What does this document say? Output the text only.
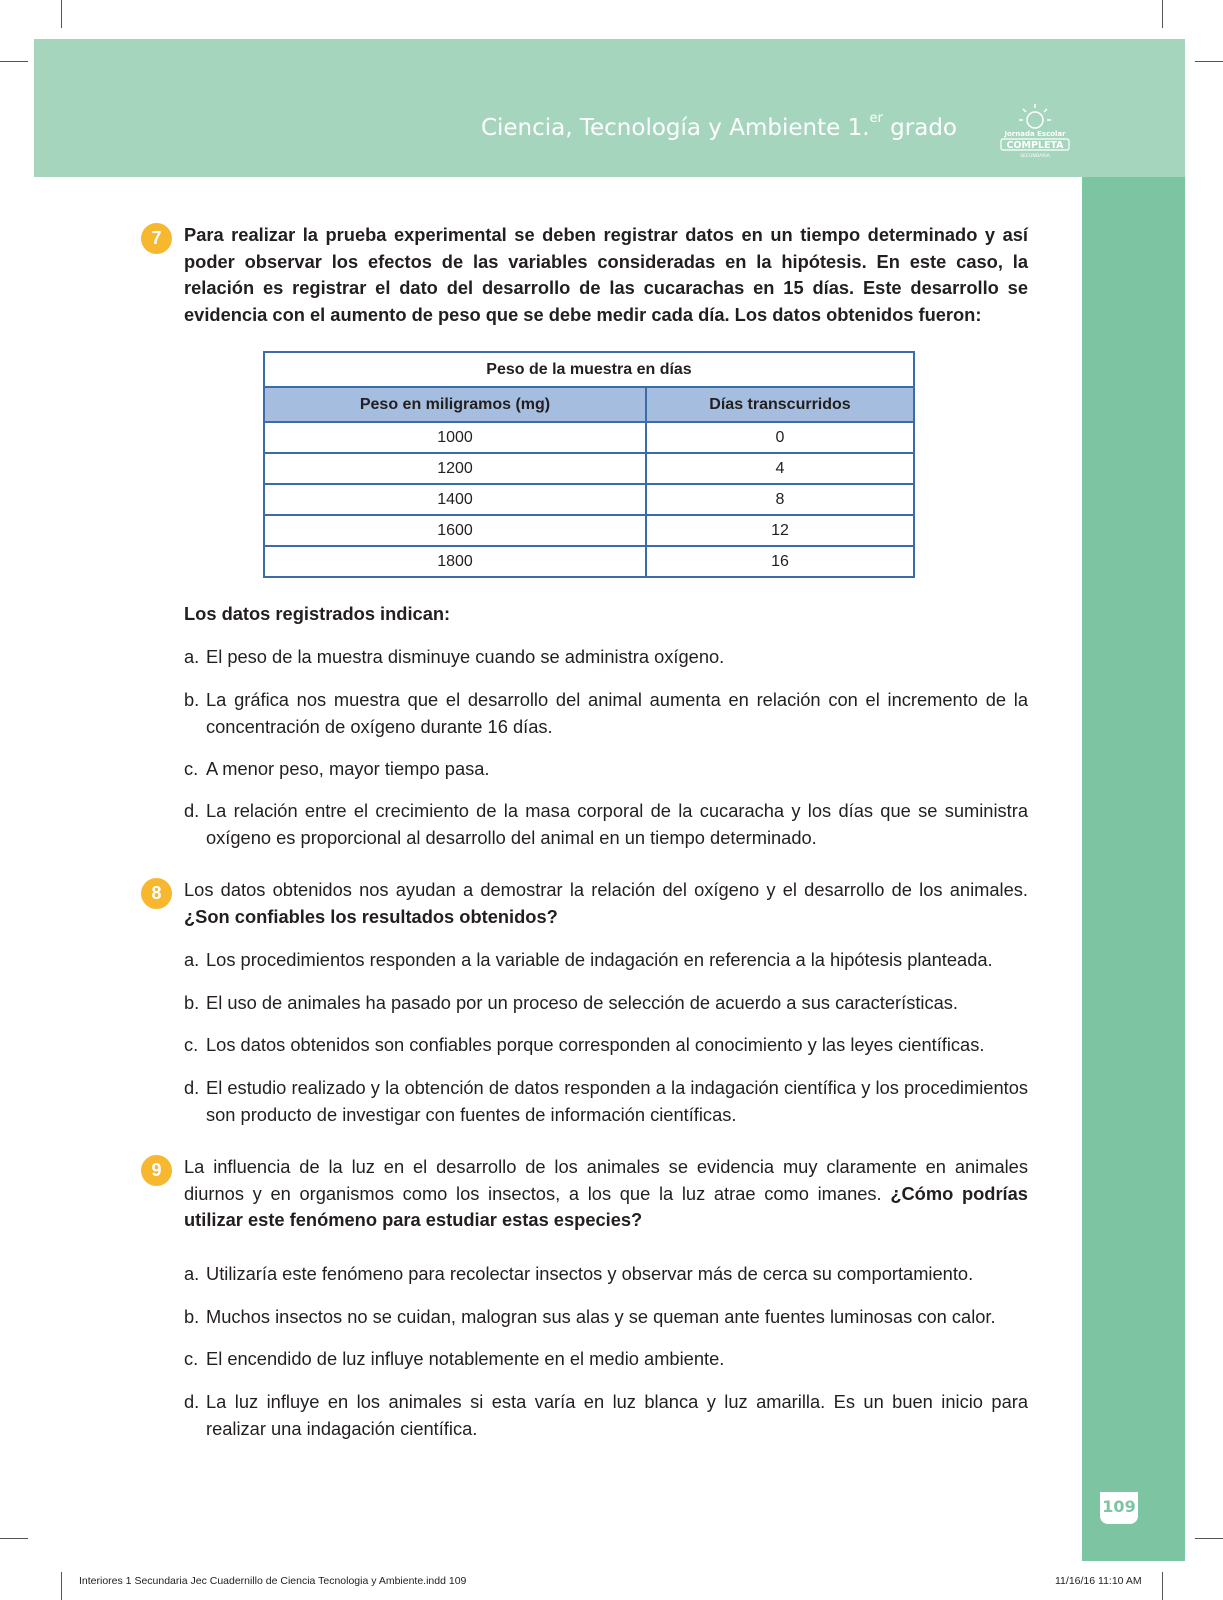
Ciencia, Tecnología y Ambiente 1.$^{er}$ grado	Jornada Escolar
COMPLETA
SECUNDARIA
109
7	Para realizar la prueba experimental se deben registrar datos en un tiempo determinado y así poder observar los efectos de las variables consideradas en la hipótesis. En este caso, la relación es registrar el dato del desarrollo de las cucarachas en 15 días. Este desarrollo se evidencia con el aumento de peso que se debe medir cada día. Los datos obtenidos fueron:
Peso de la muestra en días	
Peso en miligramos (mg)	Días transcurridos
1000	0
1200	4
1400	8
1600	12
1800	16
Los datos registrados indican:
a. El peso de la muestra disminuye cuando se administra oxígeno.
b. La gráfica nos muestra que el desarrollo del animal aumenta en relación con el incremento de la concentración de oxígeno durante 16 días.
c. A menor peso, mayor tiempo pasa.
d. La relación entre el crecimiento de la masa corporal de la cucaracha y los días que se suministra oxígeno es proporcional al desarrollo del animal en un tiempo determinado.
8	Los datos obtenidos nos ayudan a demostrar la relación del oxígeno y el desarrollo de los animales. ¿Son confiables los resultados obtenidos?
a. Los procedimientos responden a la variable de indagación en referencia a la hipótesis planteada.
b. El uso de animales ha pasado por un proceso de selección de acuerdo a sus características.
c. Los datos obtenidos son confiables porque corresponden al conocimiento y las leyes científicas.
d. El estudio realizado y la obtención de datos responden a la indagación científica y los procedimientos son producto de investigar con fuentes de información científicas.
9	La influencia de la luz en el desarrollo de los animales se evidencia muy claramente en animales diurnos y en organismos como los insectos, a los que la luz atrae como imanes. ¿Cómo podrías utilizar este fenómeno para estudiar estas especies?
a. Utilizaría este fenómeno para recolectar insectos y observar más de cerca su comportamiento.
b. Muchos insectos no se cuidan, malogran sus alas y se queman ante fuentes luminosas con calor.
c. El encendido de luz influye notablemente en el medio ambiente.
d. La luz influye en los animales si esta varía en luz blanca y luz amarilla. Es un buen inicio para realizar una indagación científica.
Interiores 1 Secundaria Jec Cuadernillo de Ciencia Tecnologia y Ambiente.indd 109	11/16/16 11:10 AM
